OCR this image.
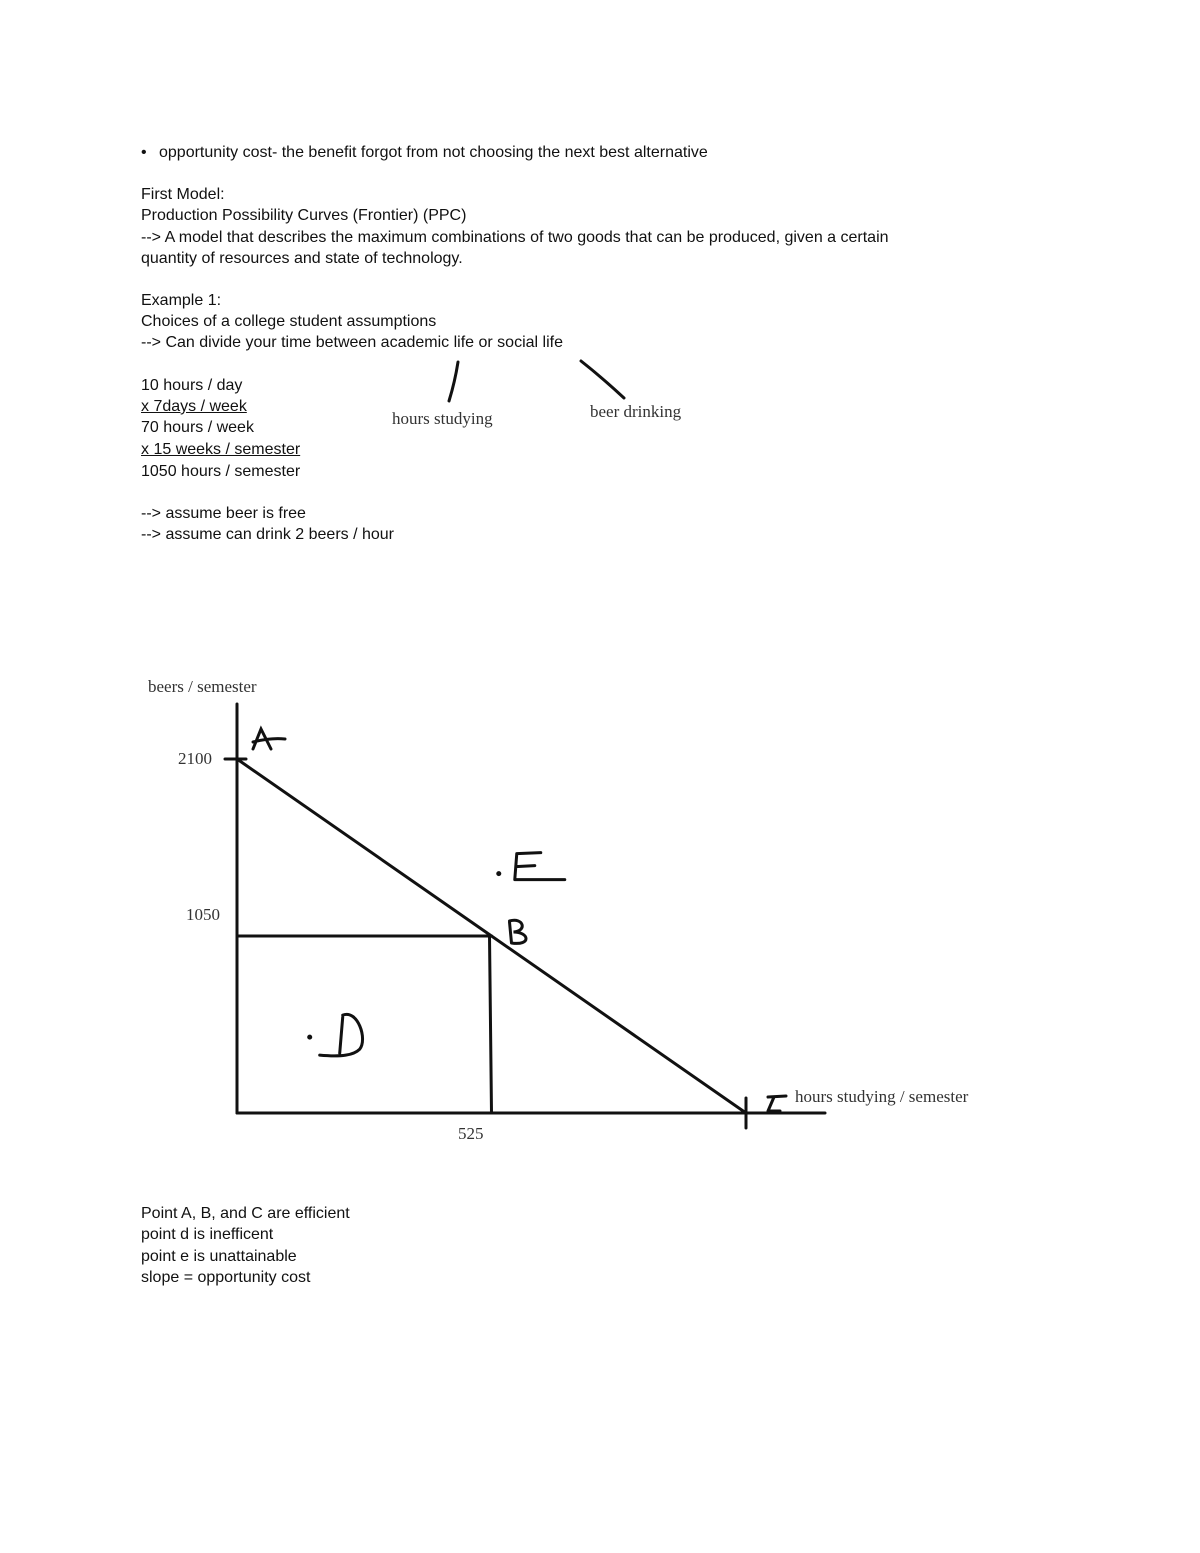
• opportunity cost- the benefit forgot from not choosing the next best alternative
First Model:
Production Possibility Curves (Frontier) (PPC)
--> A model that describes the maximum combinations of two goods that can be produced, given a certain
quantity of resources and state of technology.
Example 1:
Choices of a college student assumptions
--> Can divide your time between academic life or social life
10 hours / day
x 7days / week
70 hours / week
x 15 weeks / semester
1050 hours / semester
--> assume beer is free
--> assume can drink 2 beers / hour
hours studying	beer drinking
beers / semester
hours studying / semester
2100
1050
525
Point A, B, and C are efficient
point d is inefficent
point e is unattainable
slope = opportunity cost
